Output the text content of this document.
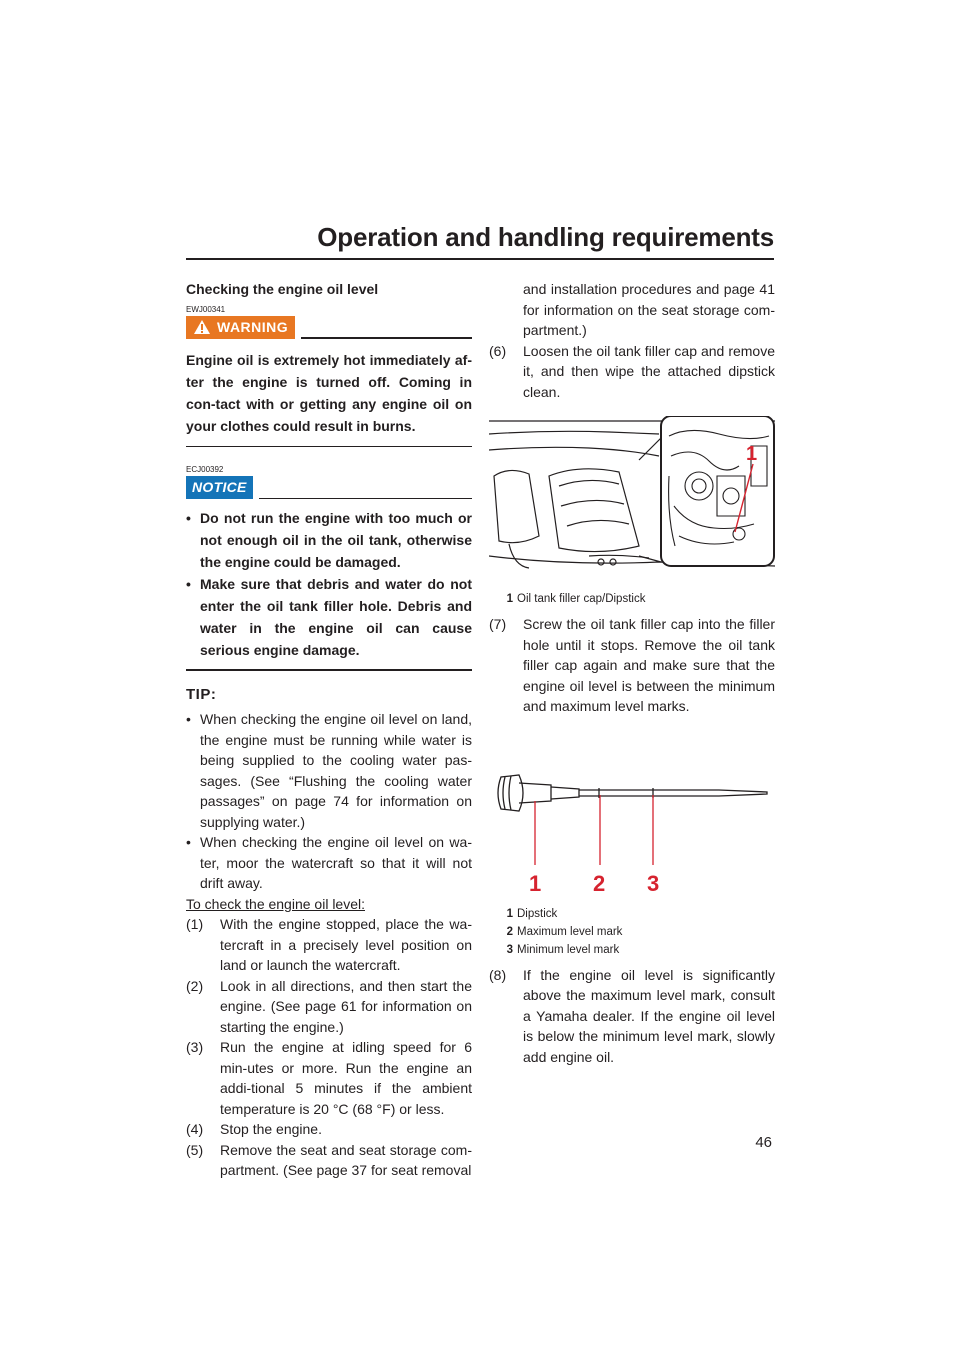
Operation and handling requirements
Checking the engine oil level
EWJ00341
WARNING
Engine oil is extremely hot immediately af-ter the engine is turned off. Coming in con-tact with or getting any engine oil on your clothes could result in burns.
ECJ00392
NOTICE
• Do not run the engine with too much or not enough oil in the oil tank, otherwise the engine could be damaged.
• Make sure that debris and water do not enter the oil tank filler hole. Debris and water in the engine oil can cause serious engine damage.
TIP:
• When checking the engine oil level on land, the engine must be running while water is being supplied to the cooling water pas-sages. (See “Flushing the cooling water passages” on page 74 for information on supplying water.)
• When checking the engine oil level on wa-ter, moor the watercraft so that it will not drift away.
To check the engine oil level:
(1)	With the engine stopped, place the wa-tercraft in a precisely level position on land or launch the watercraft.
(2)	Look in all directions, and then start the engine. (See page 61 for information on starting the engine.)
(3)	Run the engine at idling speed for 6 min-utes or more. Run the engine an addi-tional 5 minutes if the ambient temperature is 20 °C (68 °F) or less.
(4)	Stop the engine.
(5)	Remove the seat and seat storage com-partment. (See page 37 for seat removal
and installation procedures and page 41 for information on the seat storage com-partment.)
(6)	Loosen the oil tank filler cap and remove it, and then wipe the attached dipstick clean.
1
1 Oil tank filler cap/Dipstick
(7)	Screw the oil tank filler cap into the filler hole until it stops. Remove the oil tank filler cap again and make sure that the engine oil level is between the minimum and maximum level marks.
1 2 3
1 Dipstick
2 Maximum level mark
3 Minimum level mark
(8)	If the engine oil level is significantly above the maximum level mark, consult a Yamaha dealer. If the engine oil level is below the minimum level mark, slowly add engine oil.
46
